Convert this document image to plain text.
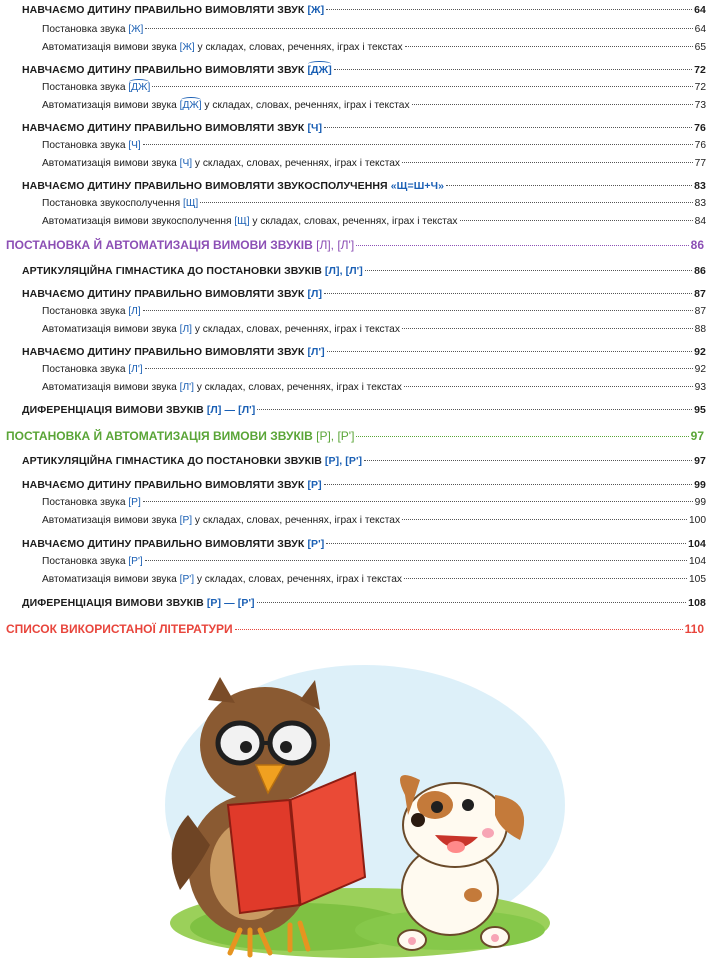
НАВЧАЄМО ДИТИНУ ПРАВИЛЬНО ВИМОВЛЯТИ ЗВУК [Ж]	64
Постановка звука [Ж]	64
Автоматизація вимови звука [Ж] у складах, словах, реченнях, іграх і текстах	65
НАВЧАЄМО ДИТИНУ ПРАВИЛЬНО ВИМОВЛЯТИ ЗВУК [ДЖ]	72
Постановка звука [ДЖ]	72
Автоматизація вимови звука [ДЖ] у складах, словах, реченнях, іграх і текстах	73
НАВЧАЄМО ДИТИНУ ПРАВИЛЬНО ВИМОВЛЯТИ ЗВУК [Ч]	76
Постановка звука [Ч]	76
Автоматизація вимови звука [Ч] у складах, словах, реченнях, іграх і текстах	77
НАВЧАЄМО ДИТИНУ ПРАВИЛЬНО ВИМОВЛЯТИ ЗВУКОСПОЛУЧЕННЯ «Щ=Ш+Ч»	83
Постановка звукосполучення [Щ]	83
Автоматизація вимови звукосполучення [Щ] у складах, словах, реченнях, іграх і текстах	84
ПОСТАНОВКА Й АВТОМАТИЗАЦІЯ ВИМОВИ ЗВУКІВ [Л], [Л']	86
АРТИКУЛЯЦІЙНА ГІМНАСТИКА ДО ПОСТАНОВКИ ЗВУКІВ [Л], [Л']	86
НАВЧАЄМО ДИТИНУ ПРАВИЛЬНО ВИМОВЛЯТИ ЗВУК [Л]	87
Постановка звука [Л]	87
Автоматизація вимови звука [Л] у складах, словах, реченнях, іграх і текстах	88
НАВЧАЄМО ДИТИНУ ПРАВИЛЬНО ВИМОВЛЯТИ ЗВУК [Л']	92
Постановка звука [Л']	92
Автоматизація вимови звука [Л'] у складах, словах, реченнях, іграх і текстах	93
ДИФЕРЕНЦІАЦІЯ ВИМОВИ ЗВУКІВ [Л] — [Л']	95
ПОСТАНОВКА Й АВТОМАТИЗАЦІЯ ВИМОВИ ЗВУКІВ [Р], [Р']	97
АРТИКУЛЯЦІЙНА ГІМНАСТИКА ДО ПОСТАНОВКИ ЗВУКІВ [Р], [Р']	97
НАВЧАЄМО ДИТИНУ ПРАВИЛЬНО ВИМОВЛЯТИ ЗВУК [Р]	99
Постановка звука [Р]	99
Автоматизація вимови звука [Р] у складах, словах, реченнях, іграх і текстах	100
НАВЧАЄМО ДИТИНУ ПРАВИЛЬНО ВИМОВЛЯТИ ЗВУК [Р']	104
Постановка звука [Р']	104
Автоматизація вимови звука [Р'] у складах, словах, реченнях, іграх і текстах	105
ДИФЕРЕНЦІАЦІЯ ВИМОВИ ЗВУКІВ [Р] — [Р']	108
СПИСОК ВИКОРИСТАНОЇ ЛІТЕРАТУРИ	110
